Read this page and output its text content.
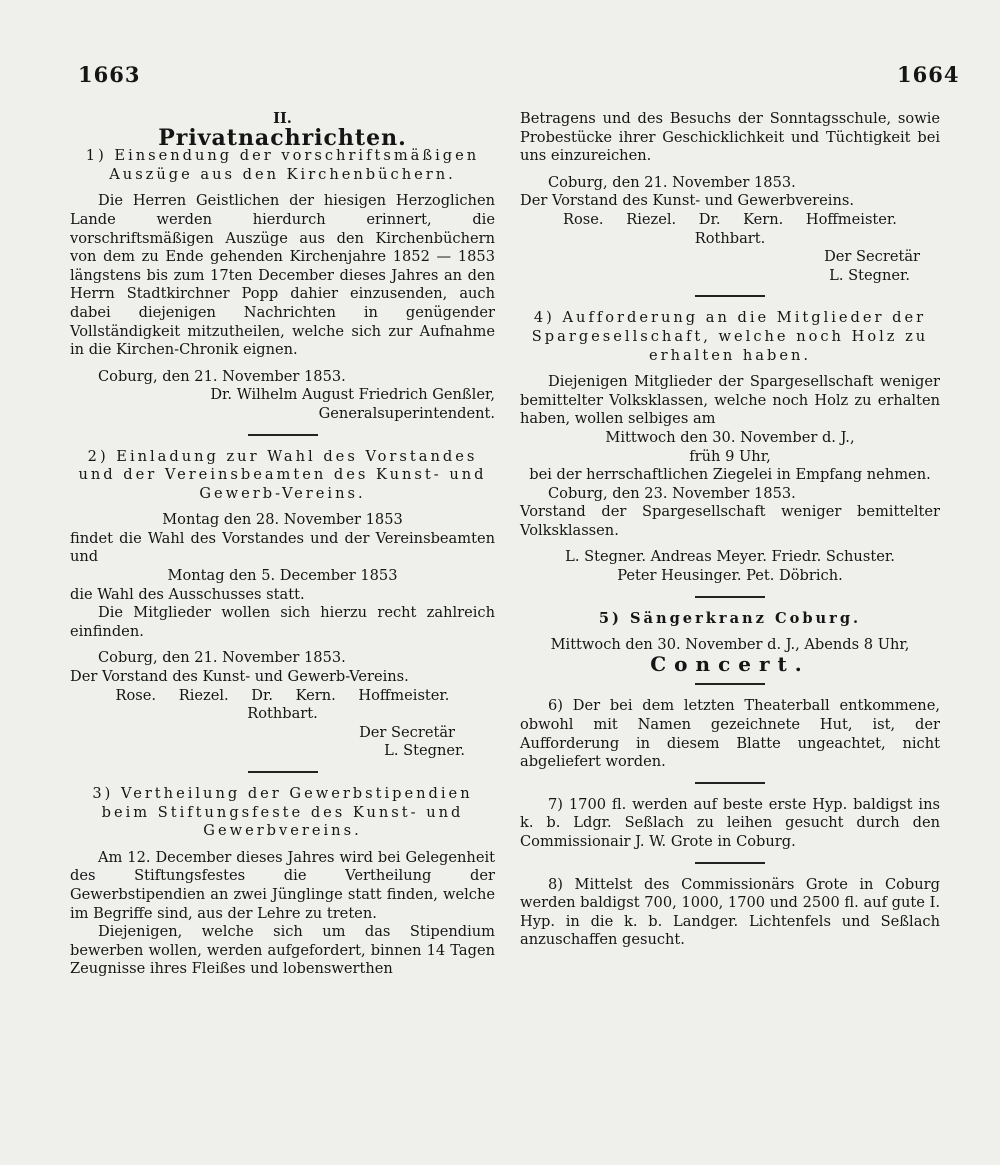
1663	1664

II.

Privatnachrichten.

1) Einsendung der vorschriftsmäßigen Auszüge aus den Kirchenbüchern.

Die Herren Geistlichen der hiesigen Herzoglichen Lande werden hierdurch erinnert, die vorschriftsmäßigen Auszüge aus den Kirchenbüchern von dem zu Ende gehenden Kirchenjahre 1852 — 1853 längstens bis zum 17ten December dieses Jahres an den Herrn Stadtkirchner Popp dahier einzusenden, auch dabei diejenigen Nachrichten in genügender Vollständigkeit mitzutheilen, welche sich zur Aufnahme in die Kirchen-Chronik eignen.

Coburg, den 21. November 1853.

Dr. Wilhelm August Friedrich Genßler,

Generalsuperintendent.

2) Einladung zur Wahl des Vorstandes und der Vereinsbeamten des Kunst- und Gewerb-Vereins.

Montag den 28. November 1853

findet die Wahl des Vorstandes und der Vereinsbeamten und

Montag den 5. December 1853

die Wahl des Ausschusses statt.

Die Mitglieder wollen sich hierzu recht zahlreich einfinden.

Coburg, den 21. November 1853.

Der Vorstand des Kunst- und Gewerb-Vereins.

Rose. Riezel. Dr. Kern. Hoffmeister.

Rothbart.

Der Secretär

L. Stegner.

3) Vertheilung der Gewerbstipendien beim Stiftungsfeste des Kunst- und Gewerbvereins.

Am 12. December dieses Jahres wird bei Gelegenheit des Stiftungsfestes die Vertheilung der Gewerbstipendien an zwei Jünglinge statt finden, welche im Begriffe sind, aus der Lehre zu treten.

Diejenigen, welche sich um das Stipendium bewerben wollen, werden aufgefordert, binnen 14 Tagen Zeugnisse ihres Fleißes und lobenswerthen

Betragens und des Besuchs der Sonntagsschule, sowie Probestücke ihrer Geschicklichkeit und Tüchtigkeit bei uns einzureichen.

Coburg, den 21. November 1853.

Der Vorstand des Kunst- und Gewerbvereins.

Rose. Riezel. Dr. Kern. Hoffmeister.

Rothbart.

Der Secretär

L. Stegner.

4) Aufforderung an die Mitglieder der Spargesellschaft, welche noch Holz zu erhalten haben.

Diejenigen Mitglieder der Spargesellschaft weniger bemittelter Volksklassen, welche noch Holz zu erhalten haben, wollen selbiges am

Mittwoch den 30. November d. J.,

früh 9 Uhr,

bei der herrschaftlichen Ziegelei in Empfang nehmen.

Coburg, den 23. November 1853.

Vorstand der Spargesellschaft weniger bemittelter Volksklassen.

L. Stegner. Andreas Meyer. Friedr. Schuster.

Peter Heusinger. Pet. Döbrich.

5) Sängerkranz Coburg.

Mittwoch den 30. November d. J., Abends 8 Uhr,

Concert.

6) Der bei dem letzten Theaterball entkommene, obwohl mit Namen gezeichnete Hut, ist, der Aufforderung in diesem Blatte ungeachtet, nicht abgeliefert worden.

7) 1700 fl. werden auf beste erste Hyp. baldigst ins k. b. Ldgr. Seßlach zu leihen gesucht durch den Commissionair J. W. Grote in Coburg.

8) Mittelst des Commissionärs Grote in Coburg werden baldigst 700, 1000, 1700 und 2500 fl. auf gute I. Hyp. in die k. b. Landger. Lichtenfels und Seßlach anzuschaffen gesucht.
